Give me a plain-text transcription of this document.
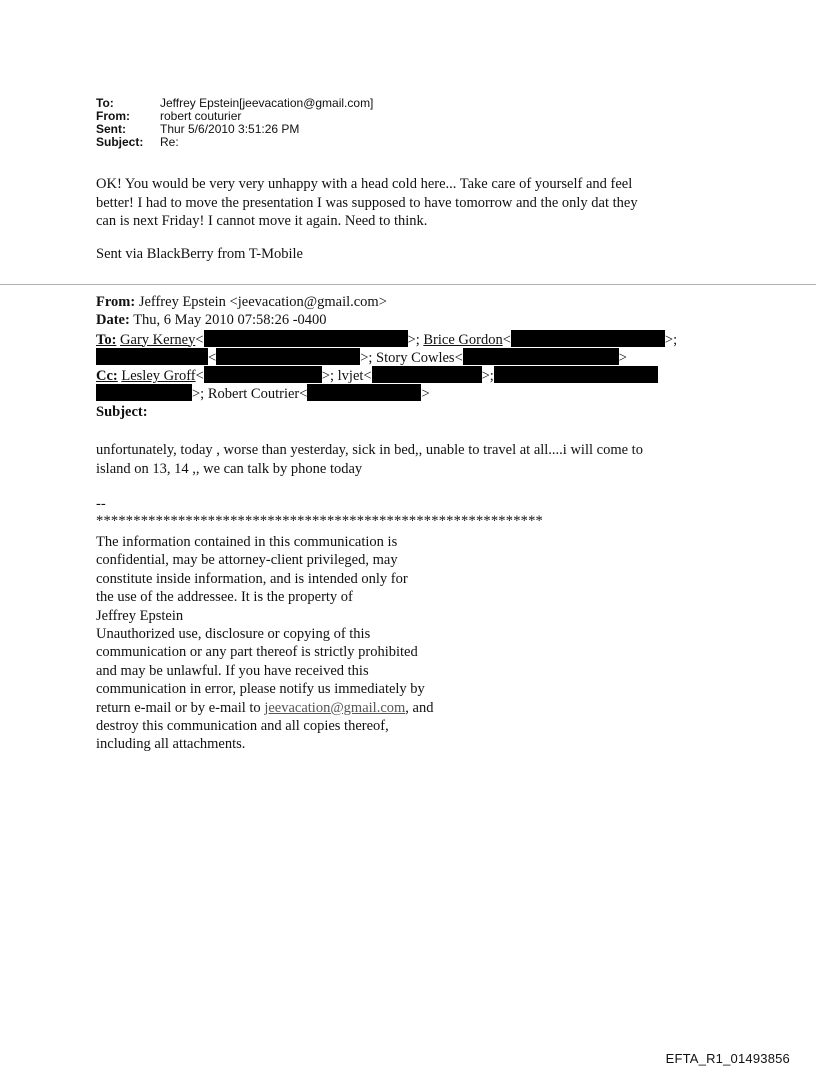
To:	Jeffrey Epstein[jeevacation@gmail.com]
From:	robert couturier
Sent:	Thur 5/6/2010 3:51:26 PM
Subject:	Re:

OK! You would be very very unhappy with a head cold here... Take care of yourself and feel

better! I had to move the presentation I was supposed to have tomorrow and the only dat they

can is next Friday! I cannot move it again. Need to think.

Sent via BlackBerry from T-Mobile
From: Jeffrey Epstein <jeevacation@gmail.com>
Date: Thu, 6 May 2010 07:58:26 -0400
To: Gary Kerney<	>; Brice Gordon<	>;
<	>; Story Cowles<	>
Cc: Lesley Groff<	>; lvjet<	>;
>; Robert Coutrier<	>
Subject:

unfortunately, today , worse than yesterday, sick in bed,, unable to travel at all....i will come to

island on 13, 14 ,, we can talk by phone today

--
************************************************************
The information contained in this communication is
confidential, may be attorney-client privileged, may
constitute inside information, and is intended only for
the use of the addressee. It is the property of
Jeffrey Epstein
Unauthorized use, disclosure or copying of this
communication or any part thereof is strictly prohibited
and may be unlawful. If you have received this
communication in error, please notify us immediately by
return e-mail or by e-mail to jeevacation@gmail.com, and
destroy this communication and all copies thereof,
including all attachments.
EFTA_R1_01493856
